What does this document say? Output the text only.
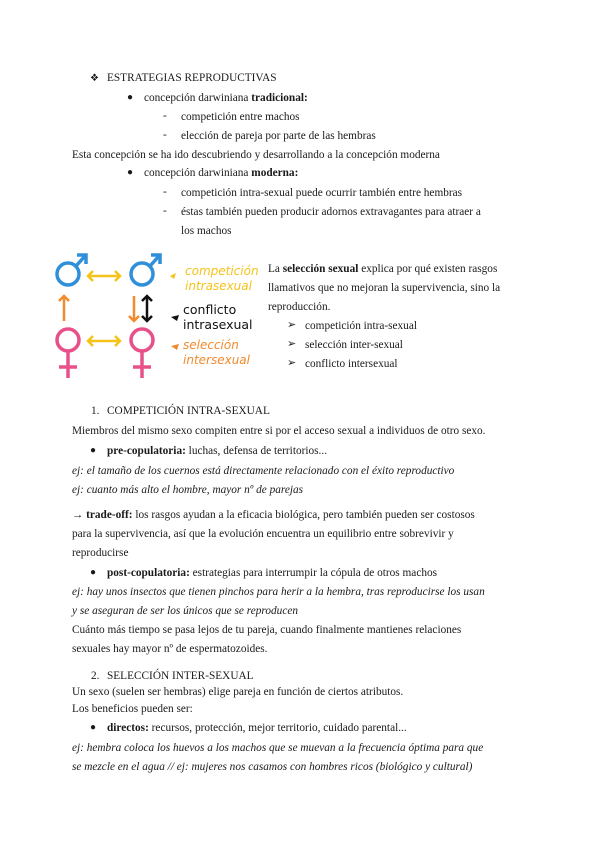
❖ ESTRATEGIAS REPRODUCTIVAS
● concepción darwiniana tradicional:
- competición entre machos
- elección de pareja por parte de las hembras
Esta concepción se ha ido descubriendo y desarrollando a la concepción moderna
● concepción darwiniana moderna:
- competición intra-sexual puede ocurrir también entre hembras
- éstas también pueden producir adornos extravagantes para atraer a
los machos
competición
intrasexual
conflicto
intrasexual
selección
intersexual
La selección sexual explica por qué existen rasgos
llamativos que no mejoran la supervivencia, sino la
reproducción.
➢ competición intra-sexual
➢ selección inter-sexual
➢ conflicto intersexual
1. COMPETICIÓN INTRA-SEXUAL
Miembros del mismo sexo compiten entre si por el acceso sexual a individuos de otro sexo.
● pre-copulatoria: luchas, defensa de territorios...
ej: el tamaño de los cuernos está directamente relacionado con el éxito reproductivo
ej: cuanto más alto el hombre, mayor nº de parejas
→ trade-off: los rasgos ayudan a la eficacia biológica, pero también pueden ser costosos
para la supervivencia, así que la evolución encuentra un equilibrio entre sobrevivir y
reproducirse
● post-copulatoria: estrategias para interrumpir la cópula de otros machos
ej: hay unos insectos que tienen pinchos para herir a la hembra, tras reproducirse los usan
y se aseguran de ser los únicos que se reproducen
Cuánto más tiempo se pasa lejos de tu pareja, cuando finalmente mantienes relaciones
sexuales hay mayor nº de espermatozoides.
2. SELECCIÓN INTER-SEXUAL
Un sexo (suelen ser hembras) elige pareja en función de ciertos atributos.
Los beneficios pueden ser:
● directos: recursos, protección, mejor territorio, cuidado parental...
ej: hembra coloca los huevos a los machos que se muevan a la frecuencia óptima para que
se mezcle en el agua // ej: mujeres nos casamos con hombres ricos (biológico y cultural)
